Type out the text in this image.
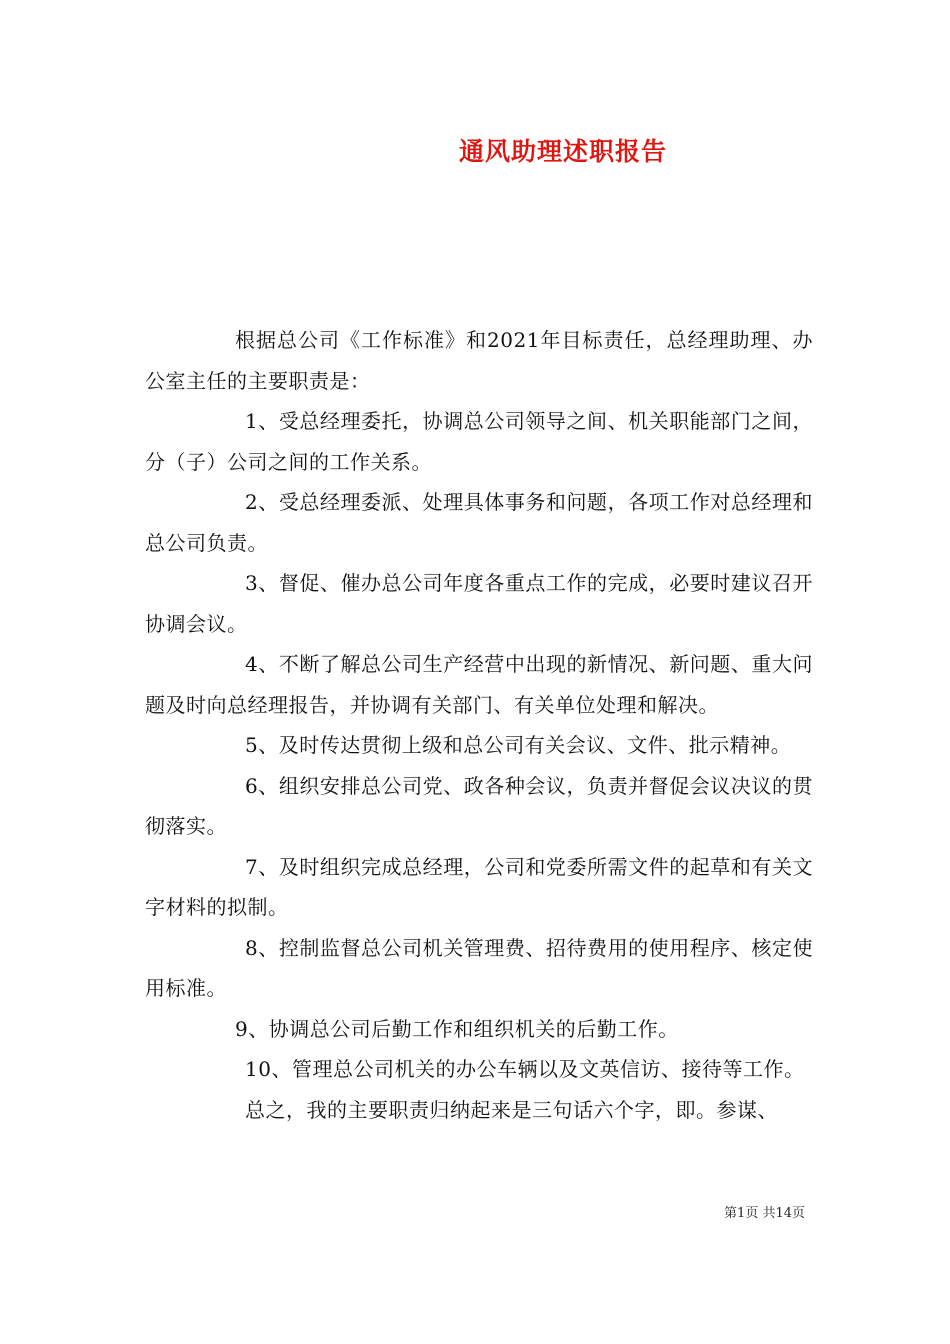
通风助理述职报告

根据总公司《工作标准》和2021年目标责任，总经理助理、办公室主任的主要职责是：

1、受总经理委托，协调总公司领导之间、机关职能部门之间，分（子）公司之间的工作关系。

2、受总经理委派、处理具体事务和问题，各项工作对总经理和总公司负责。

3、督促、催办总公司年度各重点工作的完成，必要时建议召开协调会议。

4、不断了解总公司生产经营中出现的新情况、新问题、重大问题及时向总经理报告，并协调有关部门、有关单位处理和解决。

5、及时传达贯彻上级和总公司有关会议、文件、批示精神。

6、组织安排总公司党、政各种会议，负责并督促会议决议的贯彻落实。

7、及时组织完成总经理，公司和党委所需文件的起草和有关文字材料的拟制。

8、控制监督总公司机关管理费、招待费用的使用程序、核定使用标准。

9、协调总公司后勤工作和组织机关的后勤工作。

10、管理总公司机关的办公车辆以及文英信访、接待等工作。

总之，我的主要职责归纳起来是三句话六个字，即。参谋、

第1页 共14页
